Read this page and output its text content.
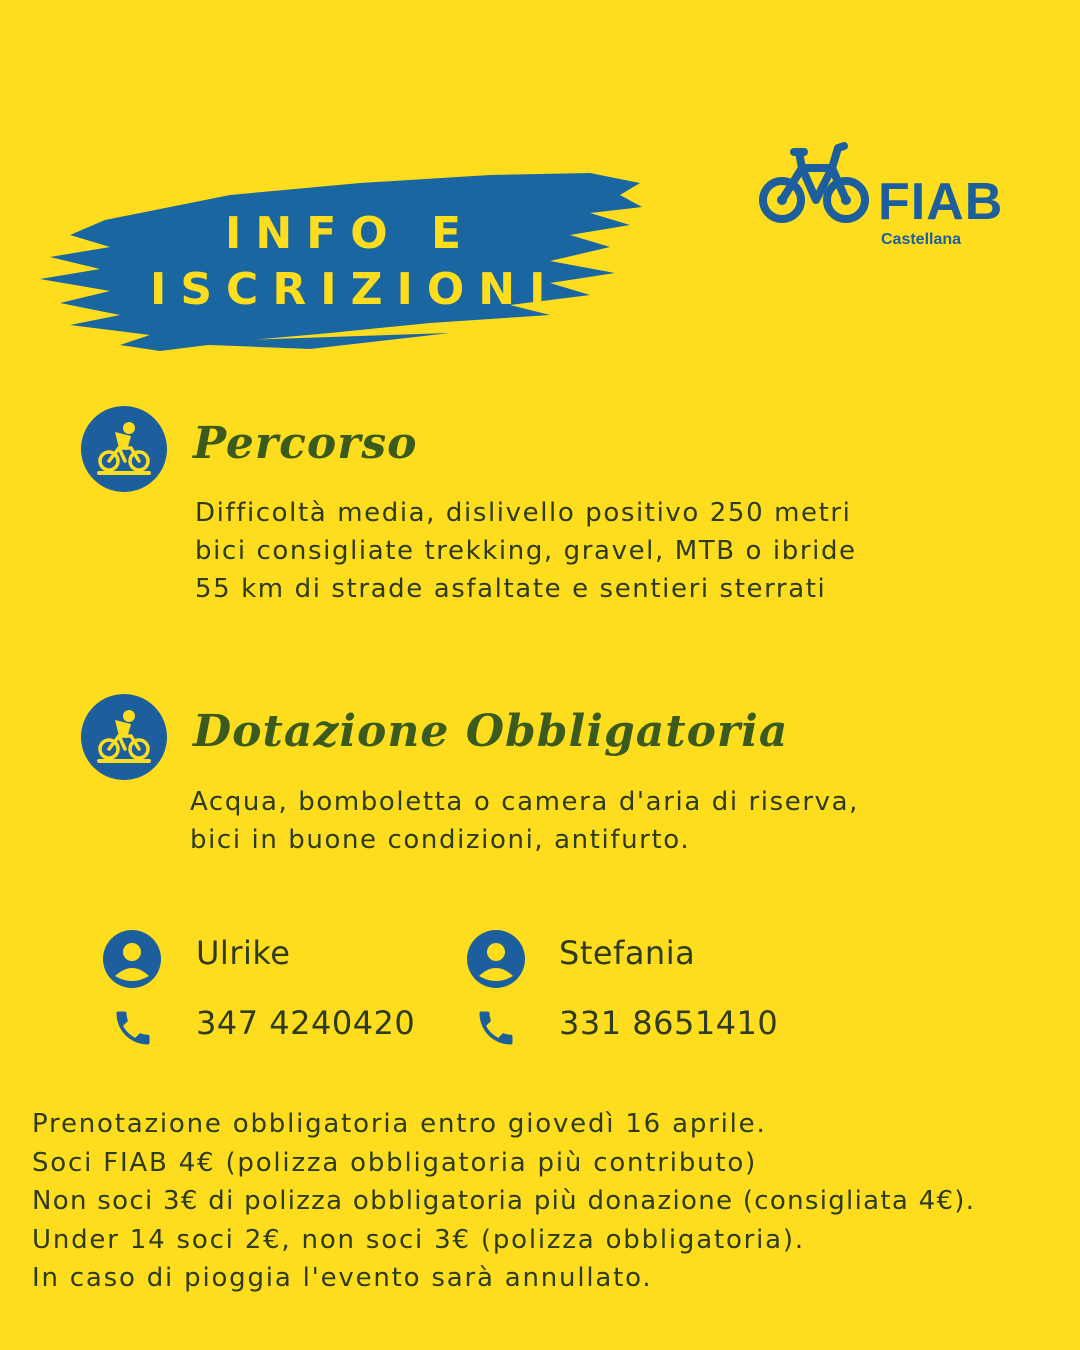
INFO E
ISCRIZIONI
FIAB
Castellana
Percorso
Difficoltà media, dislivello positivo 250 metri
bici consigliate trekking, gravel, MTB o ibride
55 km di strade asfaltate e sentieri sterrati
Dotazione Obbligatoria
Acqua, bomboletta o camera d'aria di riserva,
bici in buone condizioni, antifurto.
Ulrike
347 4240420
Stefania
331 8651410
Prenotazione obbligatoria entro giovedì 16 aprile.
Soci FIAB 4€ (polizza obbligatoria più contributo)
Non soci 3€ di polizza obbligatoria più donazione (consigliata 4€).
Under 14 soci 2€, non soci 3€ (polizza obbligatoria).
In caso di pioggia l'evento sarà annullato.
